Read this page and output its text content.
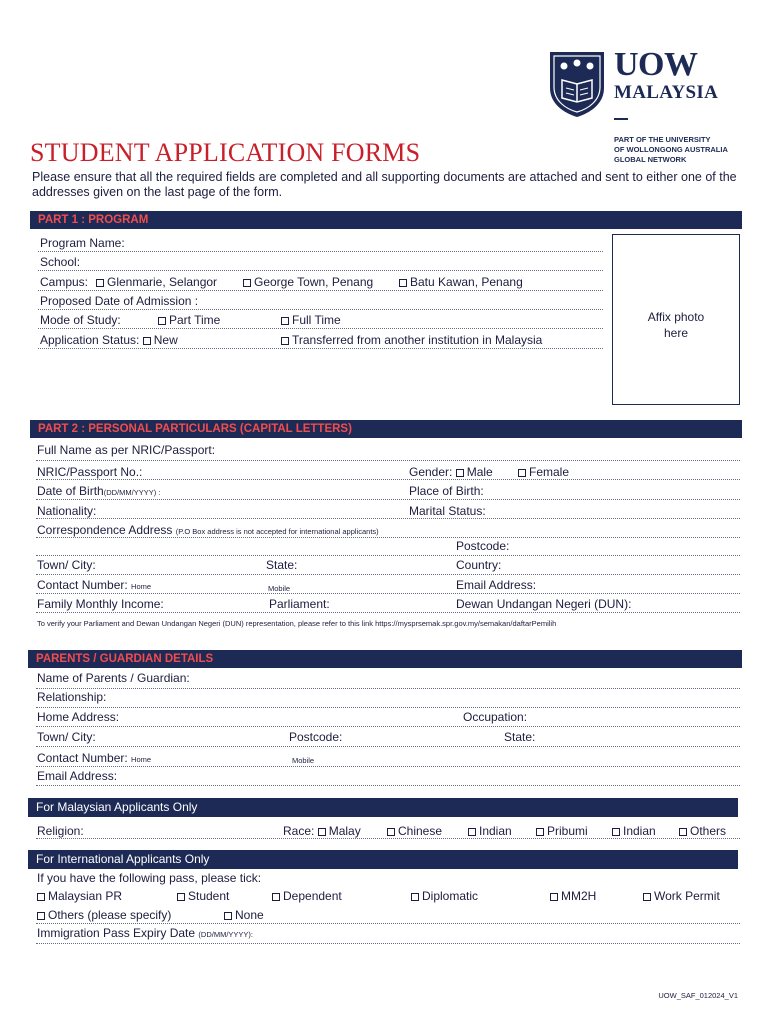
UOW
MALAYSIA
PART OF THE UNIVERSITY
OF WOLLONGONG AUSTRALIA
GLOBAL NETWORK
STUDENT APPLICATION FORMS
Please ensure that all the required fields are completed and all supporting documents are attached and sent to either one of the addresses given on the last page of the form.
PART 1 : PROGRAM
Program Name:
School:
Campus:	Glenmarie, Selangor	George Town, Penang	Batu Kawan, Penang
Proposed Date of Admission :
Mode of Study:	Part Time	Full Time
Application Status: New	Transferred from another institution in Malaysia
Affix photo
here
PART 2 : PERSONAL PARTICULARS (CAPITAL LETTERS)
Full Name as per NRIC/Passport:
NRIC/Passport No.:	Gender: Male	Female
Date of Birth(DD/MM/YYYY) :	Place of Birth:
Nationality:	Marital Status:
Correspondence Address (P.O Box address is not accepted for international applicants)
Postcode:
Town/ City:	State:	Country:
Contact Number: Home	Mobile	Email Address:
Family Monthly Income:	Parliament:	Dewan Undangan Negeri (DUN):
To verify your Parliament and Dewan Undangan Negeri (DUN) representation, please refer to this link https://mysprsemak.spr.gov.my/semakan/daftarPemilih
PARENTS / GUARDIAN DETAILS
Name of Parents / Guardian:
Relationship:
Home Address:	Occupation:
Town/ City:	Postcode:	State:
Contact Number: Home	Mobile
Email Address:
For Malaysian Applicants Only
Religion:	Race: Malay	Chinese	Indian	Pribumi	Indian	Others
For International Applicants Only
If you have the following pass, please tick:
Malaysian PR	Student	Dependent	Diplomatic	MM2H	Work Permit
Others (please specify)	None
Immigration Pass Expiry Date (DD/MM/YYYY):
UOW_SAF_012024_V1
